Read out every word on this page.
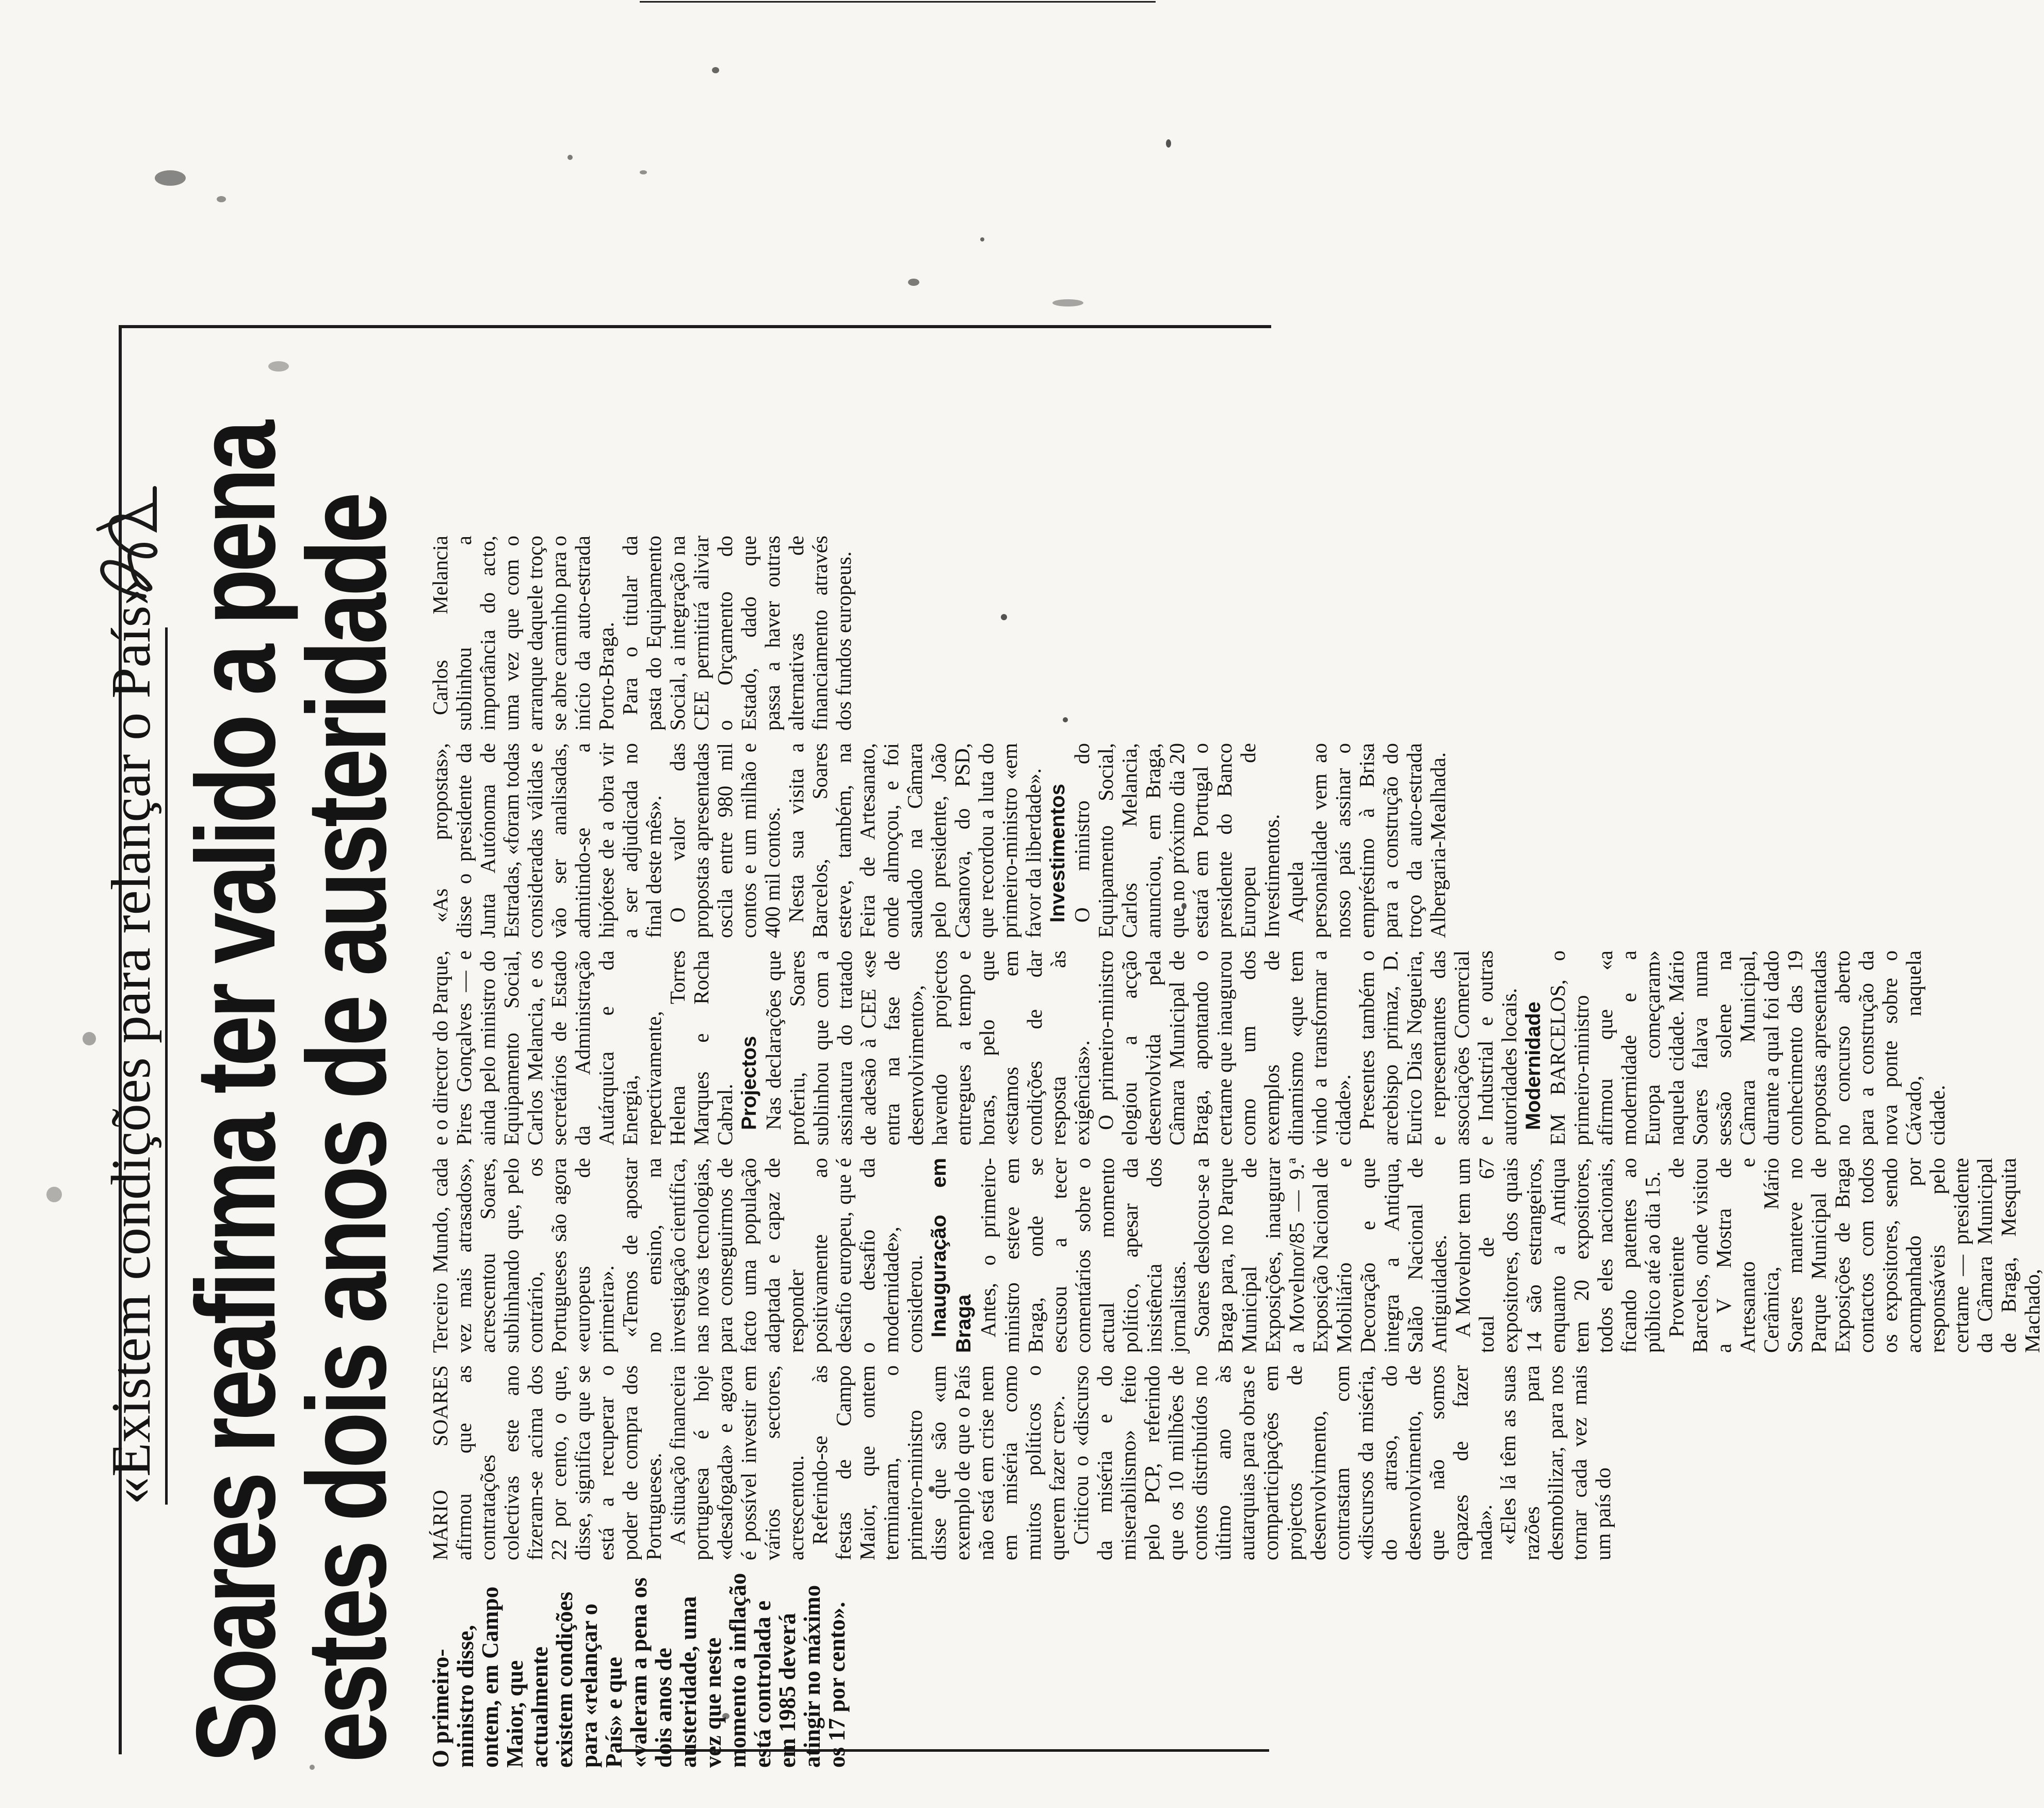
«Existem condições para relançar o País» Soares reafirma ter valido a pena
estes dois anos de austeridade O primeiro-ministro disse, ontem, em Campo Maior, que actualmente existem condições para «relançar o País» e que «valeram a pena os dois anos de austeridade, uma vez que neste momento a inflação está controlada e em 1985 deverá atingir no máximo os 17 por cento».

MÁRIO SOARES afirmou que as contratações colectivas este ano fizeram-se acima dos 22 por cento, o que, disse, significa que se está a recuperar o poder de compra dos Portugueses. A situação financeira portuguesa é hoje «desafogada» e agora é possível investir em vários sectores, acrescentou. Referindo-se às festas de Campo Maior, que ontem terminaram, o primeiro-ministro disse que são «um exemplo de que o País não está em crise nem em miséria como muitos políticos o querem fazer crer». Criticou o «discurso da miséria e do miserabilismo» feito pelo PCP, referindo que os 10 milhões de contos distribuídos no último ano às autarquias para obras e comparticipações em projectos de desenvolvimento, contrastam com «discursos da miséria, do atraso, do desenvolvimento, de que não somos capazes de fazer nada». «Eles lá têm as suas razões para desmobilizar, para nos tornar cada vez mais um país do

Terceiro Mundo, cada vez mais atrasados», acrescentou Soares, sublinhando que, pelo contrário, os Portugueses são agora «europeus de primeira». «Temos de apostar no ensino, na investigação científica, nas novas tecnologias, para conseguirmos de facto uma população adaptada e capaz de responder positivamente ao desafio europeu, que é o desafio da modernidade», considerou. Inauguração em Braga Antes, o primeiro-ministro esteve em Braga, onde se escusou a tecer comentários sobre o actual momento político, apesar da insistência dos jornalistas. Soares deslocou-se a Braga para, no Parque Municipal de Exposições, inaugurar a Movelnor/85 — 9.ª Exposição Nacional de Mobiliário e Decoração e que integra a Antiqua, Salão Nacional de Antiguidades. A Movelnor tem um total de 67 expositores, dos quais 14 são estrangeiros, enquanto a Antiqua tem 20 expositores, todos eles nacionais, ficando patentes ao público até ao dia 15. Proveniente de Barcelos, onde visitou a V Mostra de Artesanato e Cerâmica, Mário Soares manteve no Parque Municipal de Exposições de Braga contactos com todos os expositores, sendo acompanhado por responsáveis pelo certame — presidente da Câmara Municipal de Braga, Mesquita Machado,

e o director do Parque, Pires Gonçalves — e ainda pelo ministro do Equipamento Social, Carlos Melancia, e os secretários de Estado da Administração Autárquica e da Energia, repectivamente, Helena Torres Marques e Rocha Cabral. Projectos Nas declarações que proferiu, Soares sublinhou que com a assinatura do tratado de adesão à CEE «se entra na fase de desenvolvimento», havendo projectos entregues a tempo e horas, pelo que «estamos em condições de dar resposta às exigências». O primeiro-ministro elogiou a acção desenvolvida pela Câmara Municipal de Braga, apontando o certame que inaugurou como um dos exemplos de dinamismo «que tem vindo a transformar a cidade». Presentes também o arcebispo primaz, D. Eurico Dias Nogueira, e representantes das associações Comercial e Industrial e outras autoridades locais. Modernidade EM BARCELOS, o primeiro-ministro afirmou que «a modernidade e a Europa começaram» naquela cidade. Mário Soares falava numa sessão solene na Câmara Municipal, durante a qual foi dado conhecimento das 19 propostas apresentadas no concurso aberto para a construção da nova ponte sobre o Cávado, naquela cidade.

«As propostas», disse o presidente da Junta Autónoma de Estradas, «foram todas consideradas válidas e vão ser analisadas, admitindo-se a hipótese de a obra vir a ser adjudicada no final deste mês». O valor das propostas apresentadas oscila entre 980 mil contos e um milhão e 400 mil contos. Nesta sua visita a Barcelos, Soares esteve, também, na Feira de Artesanato, onde almoçou, e foi saudado na Câmara pelo presidente, João Casanova, do PSD, que recordou a luta do primeiro-ministro «em favor da liberdade». Investimentos O ministro do Equipamento Social, Carlos Melancia, anunciou, em Braga, que no próximo dia 20 estará em Portugal o presidente do Banco Europeu de Investimentos. Aquela personalidade vem ao nosso país assinar o empréstimo à Brisa para a construção do troço da auto-estrada Albergaria-Mealhada.

Carlos Melancia sublinhou a importância do acto, uma vez que com o arranque daquele troço se abre caminho para o início da auto-estrada Porto-Braga. Para o titular da pasta do Equipamento Social, a integração na CEE permitirá aliviar o Orçamento do Estado, dado que passa a haver outras alternativas de financiamento através dos fundos europeus.
